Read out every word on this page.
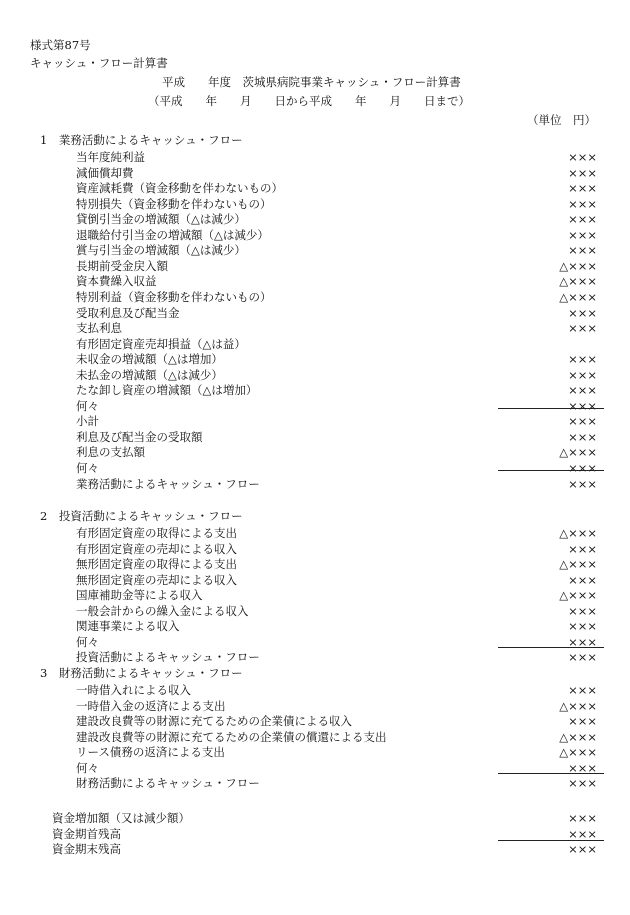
様式第87号
キャッシュ・フロー計算書
平成　　年度　茨城県病院事業キャッシュ・フロー計算書
（平成　　年　　月　　日から平成　　年　　月　　日まで）
（単位　円）
1　業務活動によるキャッシュ・フロー
2　投資活動によるキャッシュ・フロー
3　財務活動によるキャッシュ・フロー
当年度純利益	×××
減価償却費	×××
資産減耗費（資金移動を伴わないもの）	×××
特別損失（資金移動を伴わないもの）	×××
貸倒引当金の増減額（△は減少）	×××
退職給付引当金の増減額（△は減少）	×××
賞与引当金の増減額（△は減少）	×××
長期前受金戻入額	△×××
資本費繰入収益	△×××
特別利益（資金移動を伴わないもの）	△×××
受取利息及び配当金	×××
支払利息	×××
有形固定資産売却損益（△は益）
未収金の増減額（△は増加）	×××
未払金の増減額（△は減少）	×××
たな卸し資産の増減額（△は増加）	×××
何々	×××
小計	×××
利息及び配当金の受取額	×××
利息の支払額	△×××
何々	×××
業務活動によるキャッシュ・フロー	×××
有形固定資産の取得による支出	△×××
有形固定資産の売却による収入	×××
無形固定資産の取得による支出	△×××
無形固定資産の売却による収入	×××
国庫補助金等による収入	△×××
一般会計からの繰入金による収入	×××
関連事業による収入	×××
何々	×××
投資活動によるキャッシュ・フロー	×××
一時借入れによる収入	×××
一時借入金の返済による支出	△×××
建設改良費等の財源に充てるための企業債による収入	×××
建設改良費等の財源に充てるための企業債の償還による支出	△×××
リース債務の返済による支出	△×××
何々	×××
財務活動によるキャッシュ・フロー	×××
資金増加額（又は減少額）	×××
資金期首残高	×××
資金期末残高	×××
